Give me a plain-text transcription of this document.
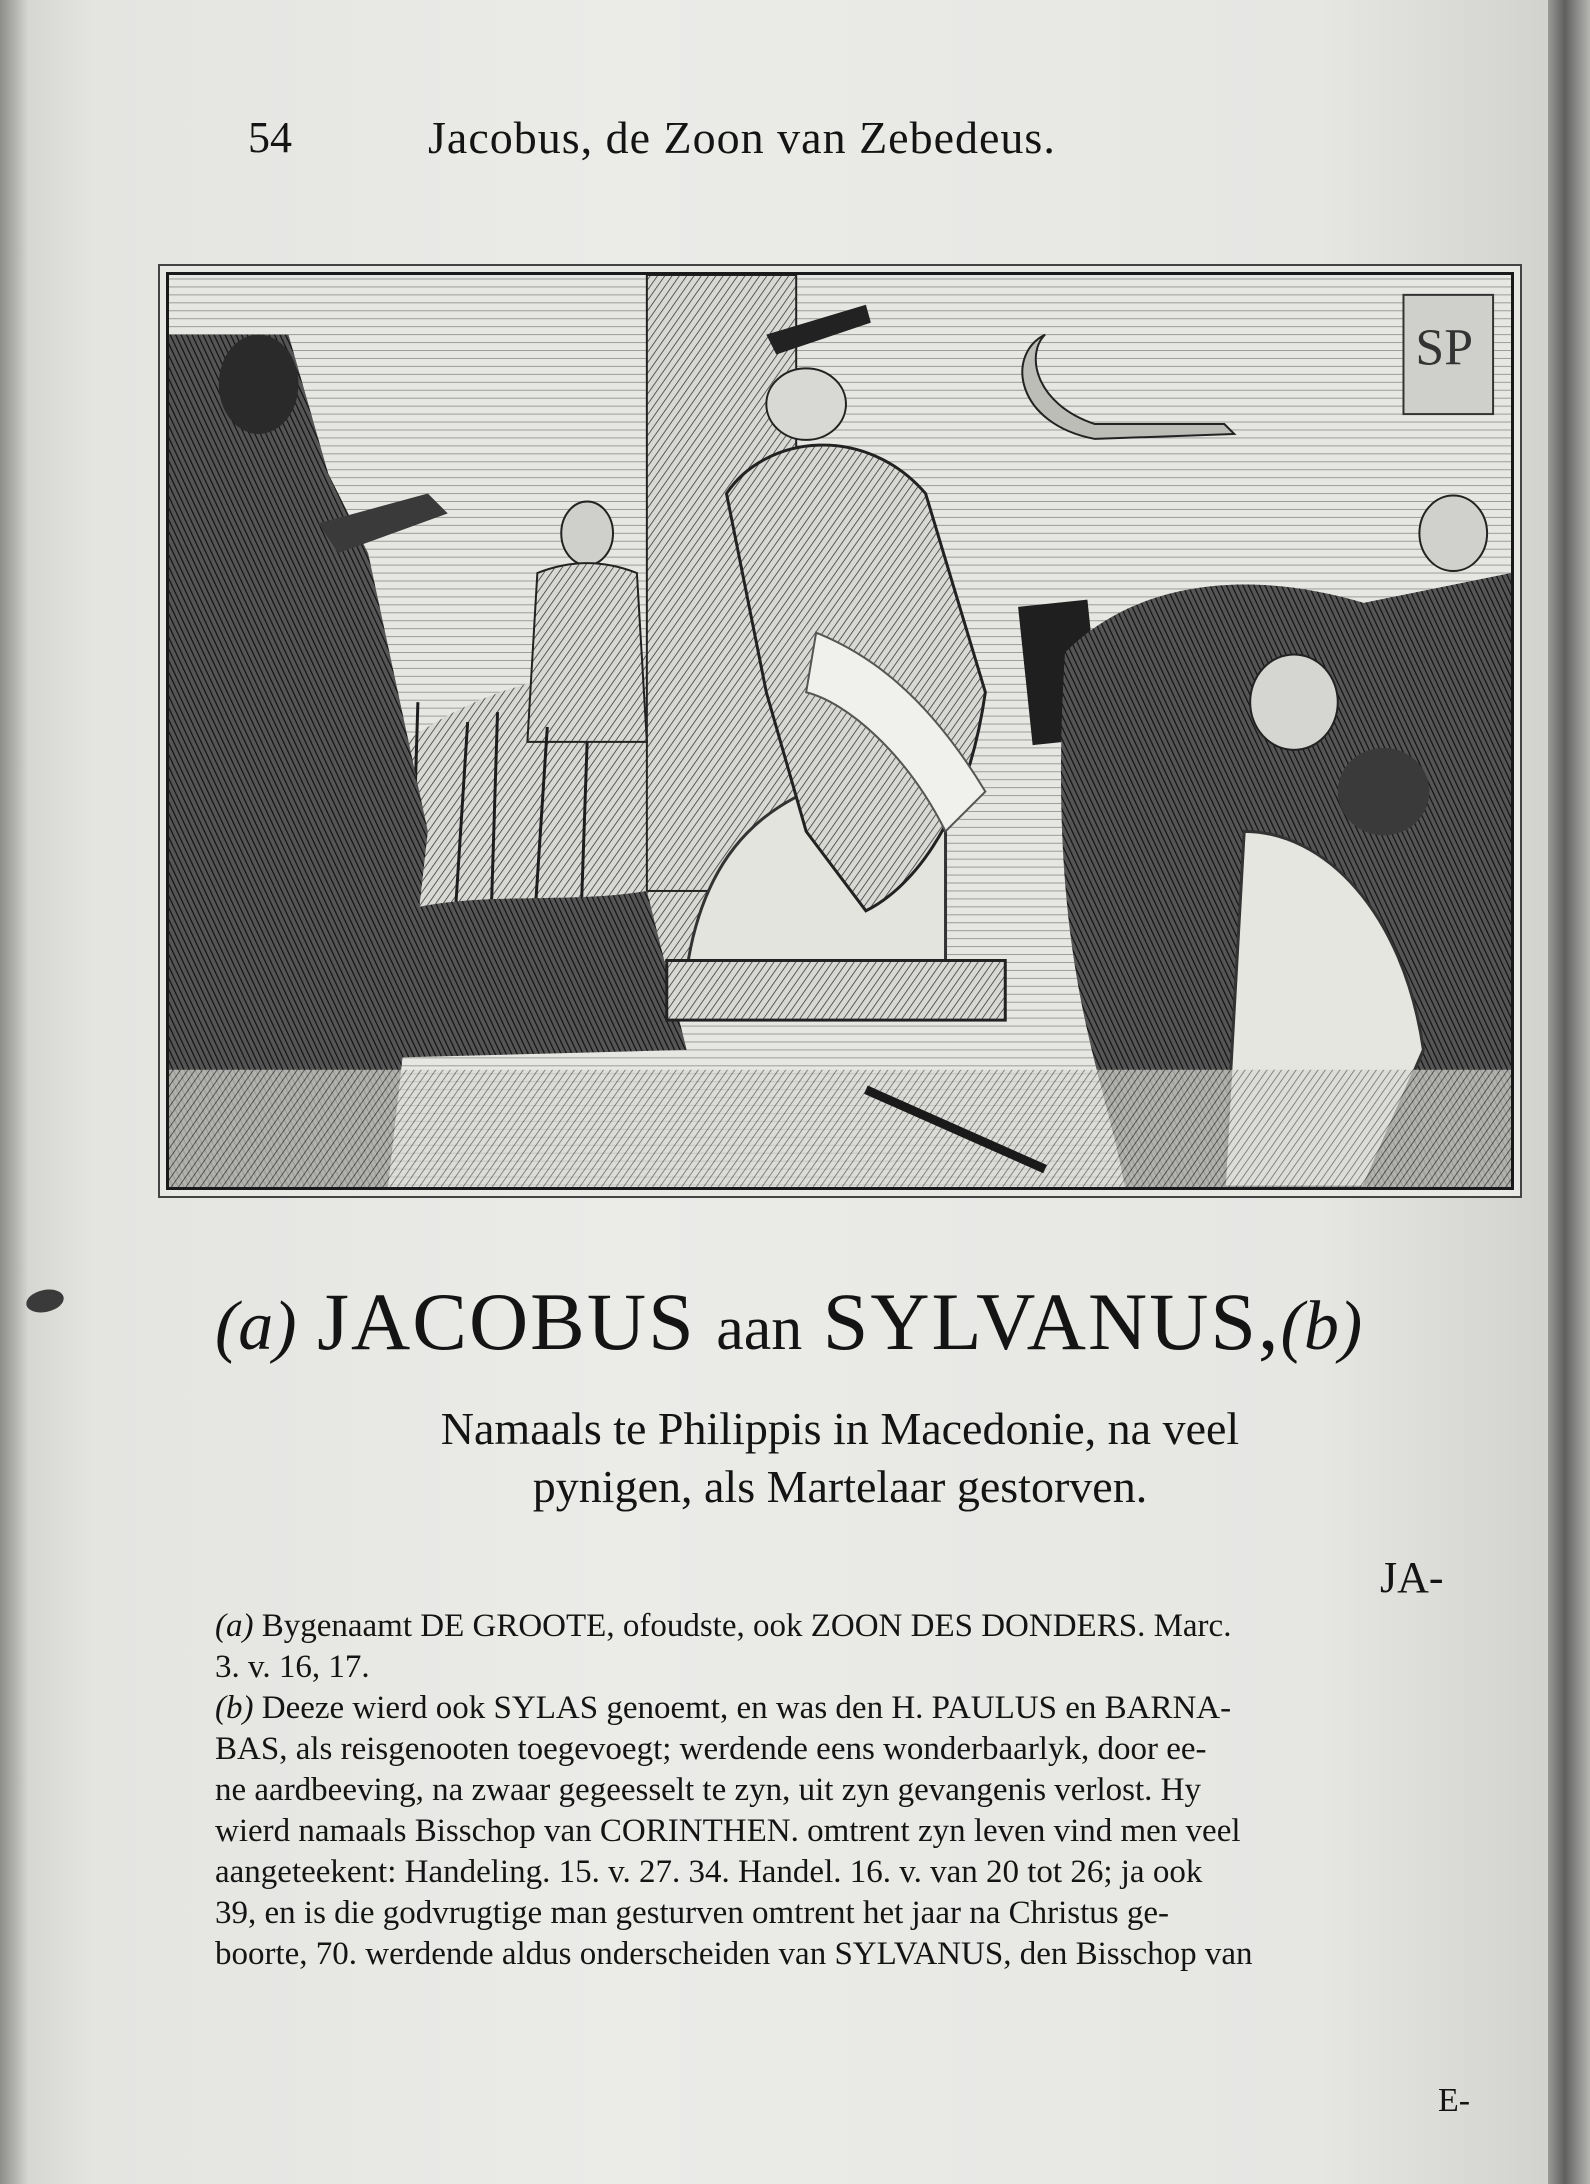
54	Jacobus, de Zoon van Zebedeus.
SP
(a) JACOBUS aan SYLVANUS,(b)
Namaals te Philippis in Macedonie, na veel
pynigen, als Martelaar gestorven.
JA-
(a) Bygenaamt DE GROOTE, ofoudste, ook ZOON DES DONDERS. Marc.
3. v. 16, 17.
(b) Deeze wierd ook SYLAS genoemt, en was den H. PAULUS en BARNA-
BAS, als reisgenooten toegevoegt; werdende eens wonderbaarlyk, door ee-
ne aardbeeving, na zwaar gegeesselt te zyn, uit zyn gevangenis verlost. Hy
wierd namaals Bisschop van CORINTHEN. omtrent zyn leven vind men veel
aangeteekent: Handeling. 15. v. 27. 34. Handel. 16. v. van 20 tot 26; ja ook
39, en is die godvrugtige man gesturven omtrent het jaar na Christus ge-
boorte, 70. werdende aldus onderscheiden van SYLVANUS, den Bisschop van
E-
